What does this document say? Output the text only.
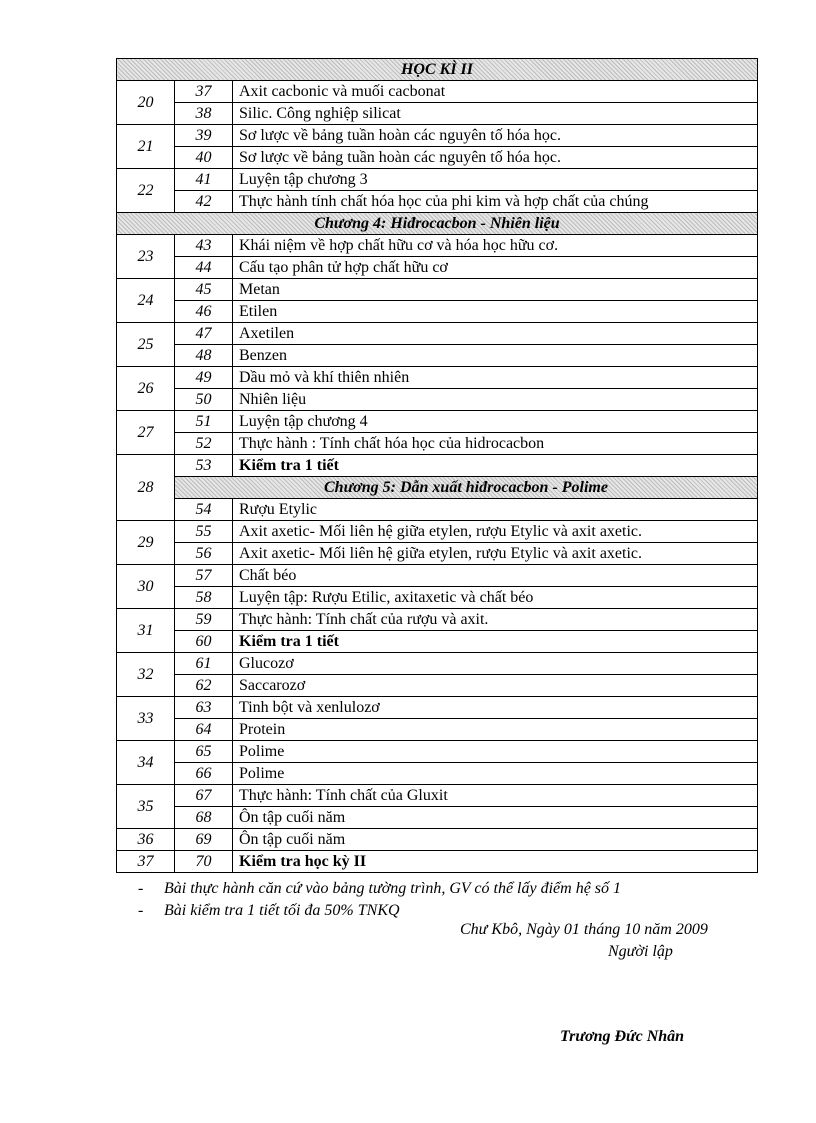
HỌC KÌ II		
20	37	Axit cacbonic và muối cacbonat
	38	Silic. Công nghiệp silicat
21	39	Sơ lược về bảng tuần hoàn các nguyên tố hóa học.
	40	Sơ lược về bảng tuần hoàn các nguyên tố hóa học.
22	41	Luyện tập chương 3
	42	Thực hành tính chất hóa học của phi kim và hợp chất của chúng
Chương 4: Hiđrocacbon - Nhiên liệu		
23	43	Khái niệm về hợp chất hữu cơ và hóa học hữu cơ.
	44	Cấu tạo phân tử hợp chất hữu cơ
24	45	Metan
	46	Etilen
25	47	Axetilen
	48	Benzen
26	49	Dầu mỏ và khí thiên nhiên
	50	Nhiên liệu
27	51	Luyện tập chương 4
	52	Thực hành : Tính chất hóa học của hidrocacbon
28	53	Kiểm tra 1 tiết
	Chương 5: Dẫn xuất hiđrocacbon - Polime	
	54	Rượu Etylic
29	55	Axit axetic- Mối liên hệ giữa etylen, rượu Etylic và axit axetic.
	56	Axit axetic- Mối liên hệ giữa etylen, rượu Etylic và axit axetic.
30	57	Chất béo
	58	Luyện tập: Rượu Etilic, axitaxetic và chất béo
31	59	Thực hành: Tính chất của rượu và axit.
	60	Kiểm tra 1 tiết
32	61	Glucozơ
	62	Saccarozơ
33	63	Tinh bột và xenlulozơ
	64	Protein
34	65	Polime
	66	Polime
35	67	Thực hành: Tính chất của Gluxit
	68	Ôn tập cuối năm
36	69	Ôn tập cuối năm
37	70	Kiểm tra học kỳ II
- Bài thực hành căn cứ vào bảng tường trình, GV có thể lấy điểm hệ số 1
- Bài kiểm tra 1 tiết tối đa 50% TNKQ
Chư Kbô, Ngày 01 tháng 10 năm 2009
Người lập
Trương Đức Nhân
